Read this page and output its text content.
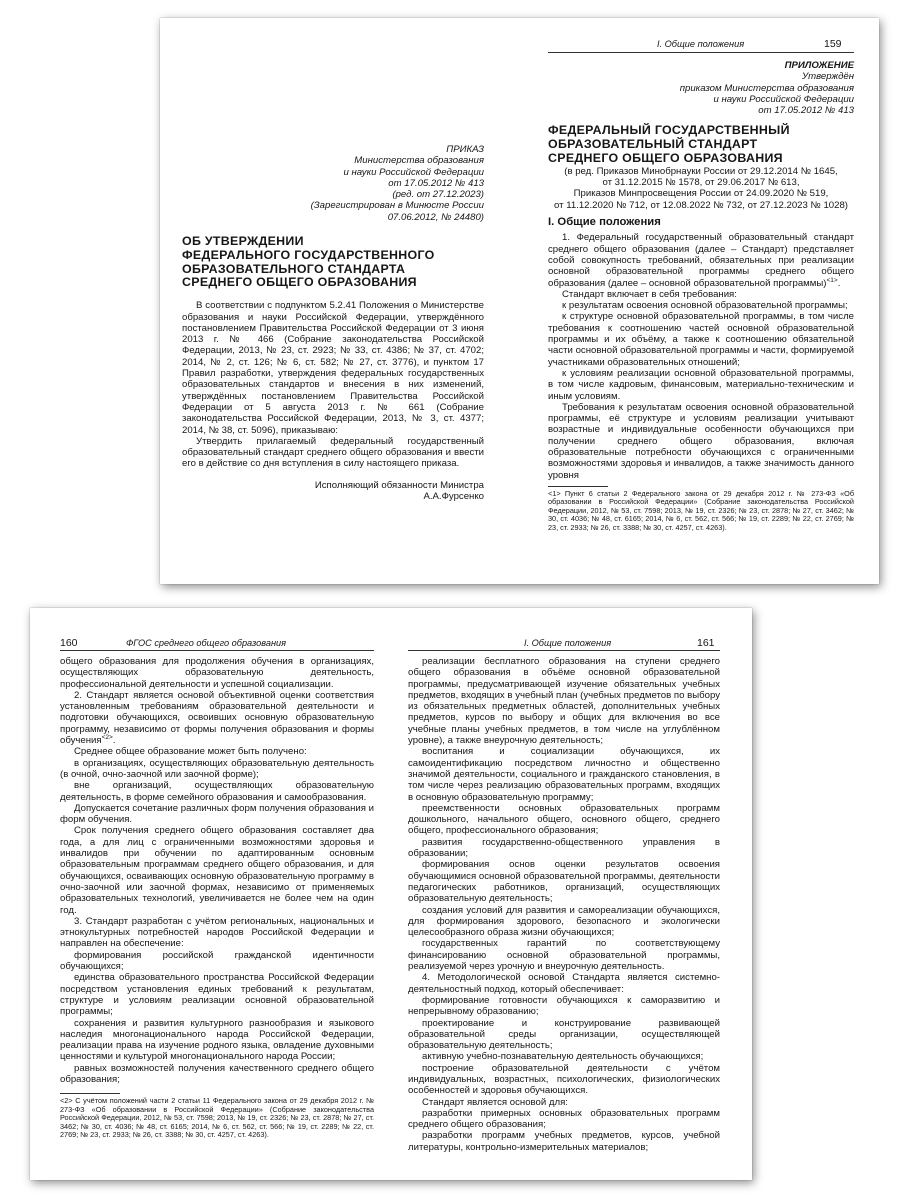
ПРИКАЗ

Министерства образования

и науки Российской Федерации

от 17.05.2012 № 413

(ред. от 27.12.2023)

(Зарегистрирован в Минюсте России

07.06.2012, № 24480)

ОБ УТВЕРЖДЕНИИ

ФЕДЕРАЛЬНОГО ГОСУДАРСТВЕННОГО

ОБРАЗОВАТЕЛЬНОГО СТАНДАРТА

СРЕДНЕГО ОБЩЕГО ОБРАЗОВАНИЯ

В соответствии с подпунктом 5.2.41 Положения о Министерстве образования и науки Российской Федерации, утверждённого постановлением Правительства Российской Федерации от 3 июня 2013 г. № 466 (Собрание законодательства Российской Федерации, 2013, № 23, ст. 2923; № 33, ст. 4386; № 37, ст. 4702; 2014, № 2, ст. 126; № 6, ст. 582; № 27, ст. 3776), и пунктом 17 Правил разработки, утверждения федеральных государственных образовательных стандартов и внесения в них изменений, утверждённых постановлением Правительства Российской Федерации от 5 августа 2013 г. № 661 (Собрание законодательства Российской Федерации, 2013, № 3, ст. 4377; 2014, № 38, ст. 5096), приказываю:

Утвердить прилагаемый федеральный государственный образовательный стандарт среднего общего образования и ввести его в действие со дня вступления в силу настоящего приказа.

Исполняющий обязанности Министра

А.А.Фурсенко

I. Общие положения	159

ПРИЛОЖЕНИЕ

Утверждён

приказом Министерства образования

и науки Российской Федерации

от 17.05.2012 № 413

ФЕДЕРАЛЬНЫЙ ГОСУДАРСТВЕННЫЙ

ОБРАЗОВАТЕЛЬНЫЙ СТАНДАРТ

СРЕДНЕГО ОБЩЕГО ОБРАЗОВАНИЯ

(в ред. Приказов Минобрнауки России от 29.12.2014 № 1645,

от 31.12.2015 № 1578, от 29.06.2017 № 613,

Приказов Минпросвещения России от 24.09.2020 № 519,

от 11.12.2020 № 712, от 12.08.2022 № 732, от 27.12.2023 № 1028)

I. Общие положения

1. Федеральный государственный образовательный стандарт среднего общего образования (далее – Стандарт) представляет собой совокупность требований, обязательных при реализации основной образовательной программы среднего общего образования (далее – основной образовательной программы)$^{<1>}$.

Стандарт включает в себя требования:

к результатам освоения основной образовательной программы;

к структуре основной образовательной программы, в том числе требования к соотношению частей основной образовательной программы и их объёму, а также к соотношению обязательной части основной образовательной программы и части, формируемой участниками образовательных отношений;

к условиям реализации основной образовательной программы, в том числе кадровым, финансовым, материально-техническим и иным условиям.

Требования к результатам освоения основной образовательной программы, её структуре и условиям реализации учитывают возрастные и индивидуальные особенности обучающихся при получении среднего общего образования, включая образовательные потребности обучающихся с ограниченными возможностями здоровья и инвалидов, а также значимость данного уровня

<1> Пункт 6 статьи 2 Федерального закона от 29 декабря 2012 г. № 273-ФЗ «Об образовании в Российской Федерации» (Собрание законодательства Российской Федерации, 2012, № 53, ст. 7598; 2013, № 19, ст. 2326; № 23, ст. 2878; № 27, ст. 3462; № 30, ст. 4036; № 48, ст. 6165; 2014, № 6, ст. 562, ст. 566; № 19, ст. 2289; № 22, ст. 2769; № 23, ст. 2933; № 26, ст. 3388; № 30, ст. 4257, ст. 4263).

160	ФГОС среднего общего образования

общего образования для продолжения обучения в организациях, осуществляющих образовательную деятельность, профессиональной деятельности и успешной социализации.

2. Стандарт является основой объективной оценки соответствия установленным требованиям образовательной деятельности и подготовки обучающихся, освоивших основную образовательную программу, независимо от формы получения образования и формы обучения$^{<2>}$.

Среднее общее образование может быть получено:

в организациях, осуществляющих образовательную деятельность (в очной, очно-заочной или заочной форме);

вне организаций, осуществляющих образовательную деятельность, в форме семейного образования и самообразования.

Допускается сочетание различных форм получения образования и форм обучения.

Срок получения среднего общего образования составляет два года, а для лиц с ограниченными возможностями здоровья и инвалидов при обучении по адаптированным основным образовательным программам среднего общего образования, и для обучающихся, осваивающих основную образовательную программу в очно-заочной или заочной формах, независимо от применяемых образовательных технологий, увеличивается не более чем на один год.

3. Стандарт разработан с учётом региональных, национальных и этнокультурных потребностей народов Российской Федерации и направлен на обеспечение:

формирования российской гражданской идентичности обучающихся;

единства образовательного пространства Российской Федерации посредством установления единых требований к результатам, структуре и условиям реализации основной образовательной программы;

сохранения и развития культурного разнообразия и языкового наследия многонационального народа Российской Федерации, реализации права на изучение родного языка, овладение духовными ценностями и культурой многонационального народа России;

равных возможностей получения качественного среднего общего образования;

<2> С учётом положений части 2 статьи 11 Федерального закона от 29 декабря 2012 г. № 273-ФЗ «Об образовании в Российской Федерации» (Собрание законодательства Российской Федерации, 2012, № 53, ст. 7598; 2013, № 19, ст. 2326; № 23, ст. 2878; № 27, ст. 3462; № 30, ст. 4036; № 48, ст. 6165; 2014, № 6, ст. 562, ст. 566; № 19, ст. 2289; № 22, ст. 2769; № 23, ст. 2933; № 26, ст. 3388; № 30, ст. 4257, ст. 4263).

I. Общие положения	161

реализации бесплатного образования на ступени среднего общего образования в объёме основной образовательной программы, предусматривающей изучение обязательных учебных предметов, входящих в учебный план (учебных предметов по выбору из обязательных предметных областей, дополнительных учебных предметов, курсов по выбору и общих для включения во все учебные планы учебных предметов, в том числе на углублённом уровне), а также внеурочную деятельность;

воспитания и социализации обучающихся, их самоидентификацию посредством личностно и общественно значимой деятельности, социального и гражданского становления, в том числе через реализацию образовательных программ, входящих в основную образовательную программу;

преемственности основных образовательных программ дошкольного, начального общего, основного общего, среднего общего, профессионального образования;

развития государственно-общественного управления в образовании;

формирования основ оценки результатов освоения обучающимися основной образовательной программы, деятельности педагогических работников, организаций, осуществляющих образовательную деятельность;

создания условий для развития и самореализации обучающихся, для формирования здорового, безопасного и экологически целесообразного образа жизни обучающихся;

государственных гарантий по соответствующему финансированию основной образовательной программы, реализуемой через урочную и внеурочную деятельность.

4. Методологической основой Стандарта является системно-деятельностный подход, который обеспечивает:

формирование готовности обучающихся к саморазвитию и непрерывному образованию;

проектирование и конструирование развивающей образовательной среды организации, осуществляющей образовательную деятельность;

активную учебно-познавательную деятельность обучающихся;

построение образовательной деятельности с учётом индивидуальных, возрастных, психологических, физиологических особенностей и здоровья обучающихся.

Стандарт является основой для:

разработки примерных основных образовательных программ среднего общего образования;

разработки программ учебных предметов, курсов, учебной литературы, контрольно-измерительных материалов;
